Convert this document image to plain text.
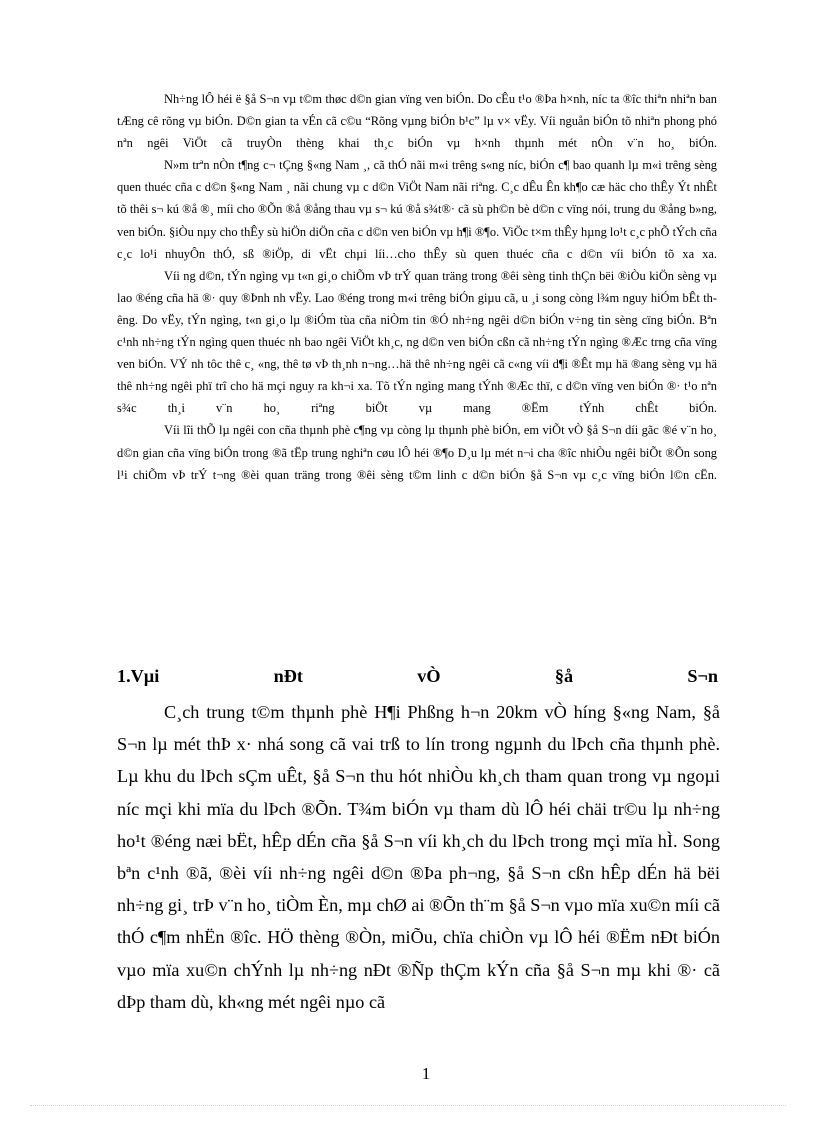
Nh÷ng lÔ héi ë §å S¬n vµ t©m thøc d©n gian vïng ven biÓn. Do cÊu t¹o ®Þa h×nh, níc ta ®îc thiªn nhiªn ban tÆng cê rõng vµ biÓn. D©n gian ta vÉn cã c©u “Rõng vµng biÓn b¹c” lµ v× vËy. Víi nguån biÓn tõ nhiªn phong phó nªn ngêi ViÖt cã truyÒn thèng khai th¸c biÓn vµ h×nh thµnh mét nÒn v¨n ho¸ biÓn.

N»m trªn nÒn t¶ng c¬ tÇng §«ng Nam ¸, cã thÓ nãi m«i trêng s«ng níc, biÓn c¶ bao quanh lµ m«i trêng sèng quen thuéc cña c d©n §«ng Nam ¸ nãi chung vµ c d©n ViÖt Nam nãi riªng. C¸c dÊu Ên kh¶o cæ häc cho thÊy Ýt nhÊt tõ thêi s¬ kú ®å ®¸ míi cho ®Õn ®å ®ång thau vµ s¬ kú ®å s¾t®· cã sù ph©n bè d©n c vïng nói, trung du ®ång b»ng, ven biÓn. §iÒu nµy cho thÊy sù hiÖn diÖn cña c d©n ven biÓn vµ h¶i ®¶o. ViÖc t×m thÊy hµng lo¹t c¸c phÕ tÝch cña c¸c lo¹i nhuyÔn thÓ, sß ®iÖp, di vËt chµi líi…cho thÊy sù quen thuéc cña c d©n víi biÓn tõ xa xa.

Víi ng d©n, tÝn ngìng vµ t«n gi¸o chiÕm vÞ trÝ quan träng trong ®êi sèng tinh thÇn bëi ®iÒu kiÖn sèng vµ lao ®éng cña hä ®· quy ®Þnh nh vËy. Lao ®éng trong m«i trêng biÓn giµu cã, u ¸i song còng l¾m nguy hiÓm bÊt thêng. Do vËy, tÝn ngìng, t«n gi¸o lµ ®iÓm tùa cña niÒm tin ®Ó nh÷ng ngêi d©n biÓn v÷ng tin sèng cïng biÓn. Bªn c¹nh nh÷ng tÝn ngìng quen thuéc nh bao ngêi ViÖt kh¸c, ng d©n ven biÓn cßn cã nh÷ng tÝn ngìng ®Æc trng cña vïng ven biÓn. VÝ nh tôc thê c¸ «ng, thê tø vÞ th¸nh n¬ng…hä thê nh÷ng ngêi cã c«ng víi d¶i ®Êt mµ hä ®ang sèng vµ hä thê nh÷ng ngêi phï trî cho hä mçi nguy ra kh¬i xa. Tõ tÝn ngìng mang tÝnh ®Æc thï, c d©n vïng ven biÓn ®· t¹o nªn s¾c th¸i v¨n ho¸ riªng biÖt vµ mang ®Ëm tÝnh chÊt biÓn.

Víi lîi thÕ lµ ngêi con cña thµnh phè c¶ng vµ còng lµ thµnh phè biÓn, em viÕt vÒ §å S¬n díi gãc ®é v¨n ho¸ d©n gian cña vïng biÓn trong ®ã tËp trung nghiªn cøu lÔ héi ®¶o D¸u lµ mét n¬i cha ®îc nhiÒu ngêi biÕt ®Õn song l¹i chiÕm vÞ trÝ t¬ng ®èi quan träng trong ®êi sèng t©m linh c d©n biÓn §å S¬n vµ c¸c vïng biÓn l©n cËn.

1.Vµi nÐt vÒ §å S¬n

C¸ch trung t©m thµnh phè H¶i Phßng h¬n 20km vÒ híng §«ng Nam, §å S¬n lµ mét thÞ x· nhá song cã vai trß to lín trong ngµnh du lÞch cña thµnh phè. Lµ khu du lÞch sÇm uÊt, §å S¬n thu hót nhiÒu kh¸ch tham quan trong vµ ngoµi níc mçi khi mïa du lÞch ®Õn. T¾m biÓn vµ tham dù lÔ héi chäi tr©u lµ nh÷ng ho¹t ®éng næi bËt, hÊp dÉn cña §å S¬n víi kh¸ch du lÞch trong mçi mïa hÌ. Song bªn c¹nh ®ã, ®èi víi nh÷ng ngêi d©n ®Þa ph¬ng, §å S¬n cßn hÊp dÉn hä bëi nh÷ng gi¸ trÞ v¨n ho¸ tiÒm Èn, mµ chØ ai ®Õn th¨m §å S¬n vµo mïa xu©n míi cã thÓ c¶m nhËn ®îc. HÖ thèng ®Òn, miÕu, chïa chiÒn vµ lÔ héi ®Ëm nÐt biÓn vµo mïa xu©n chÝnh lµ nh÷ng nÐt ®Ñp thÇm kÝn cña §å S¬n mµ khi ®· cã dÞp tham dù, kh«ng mét ngêi nµo cã

1
